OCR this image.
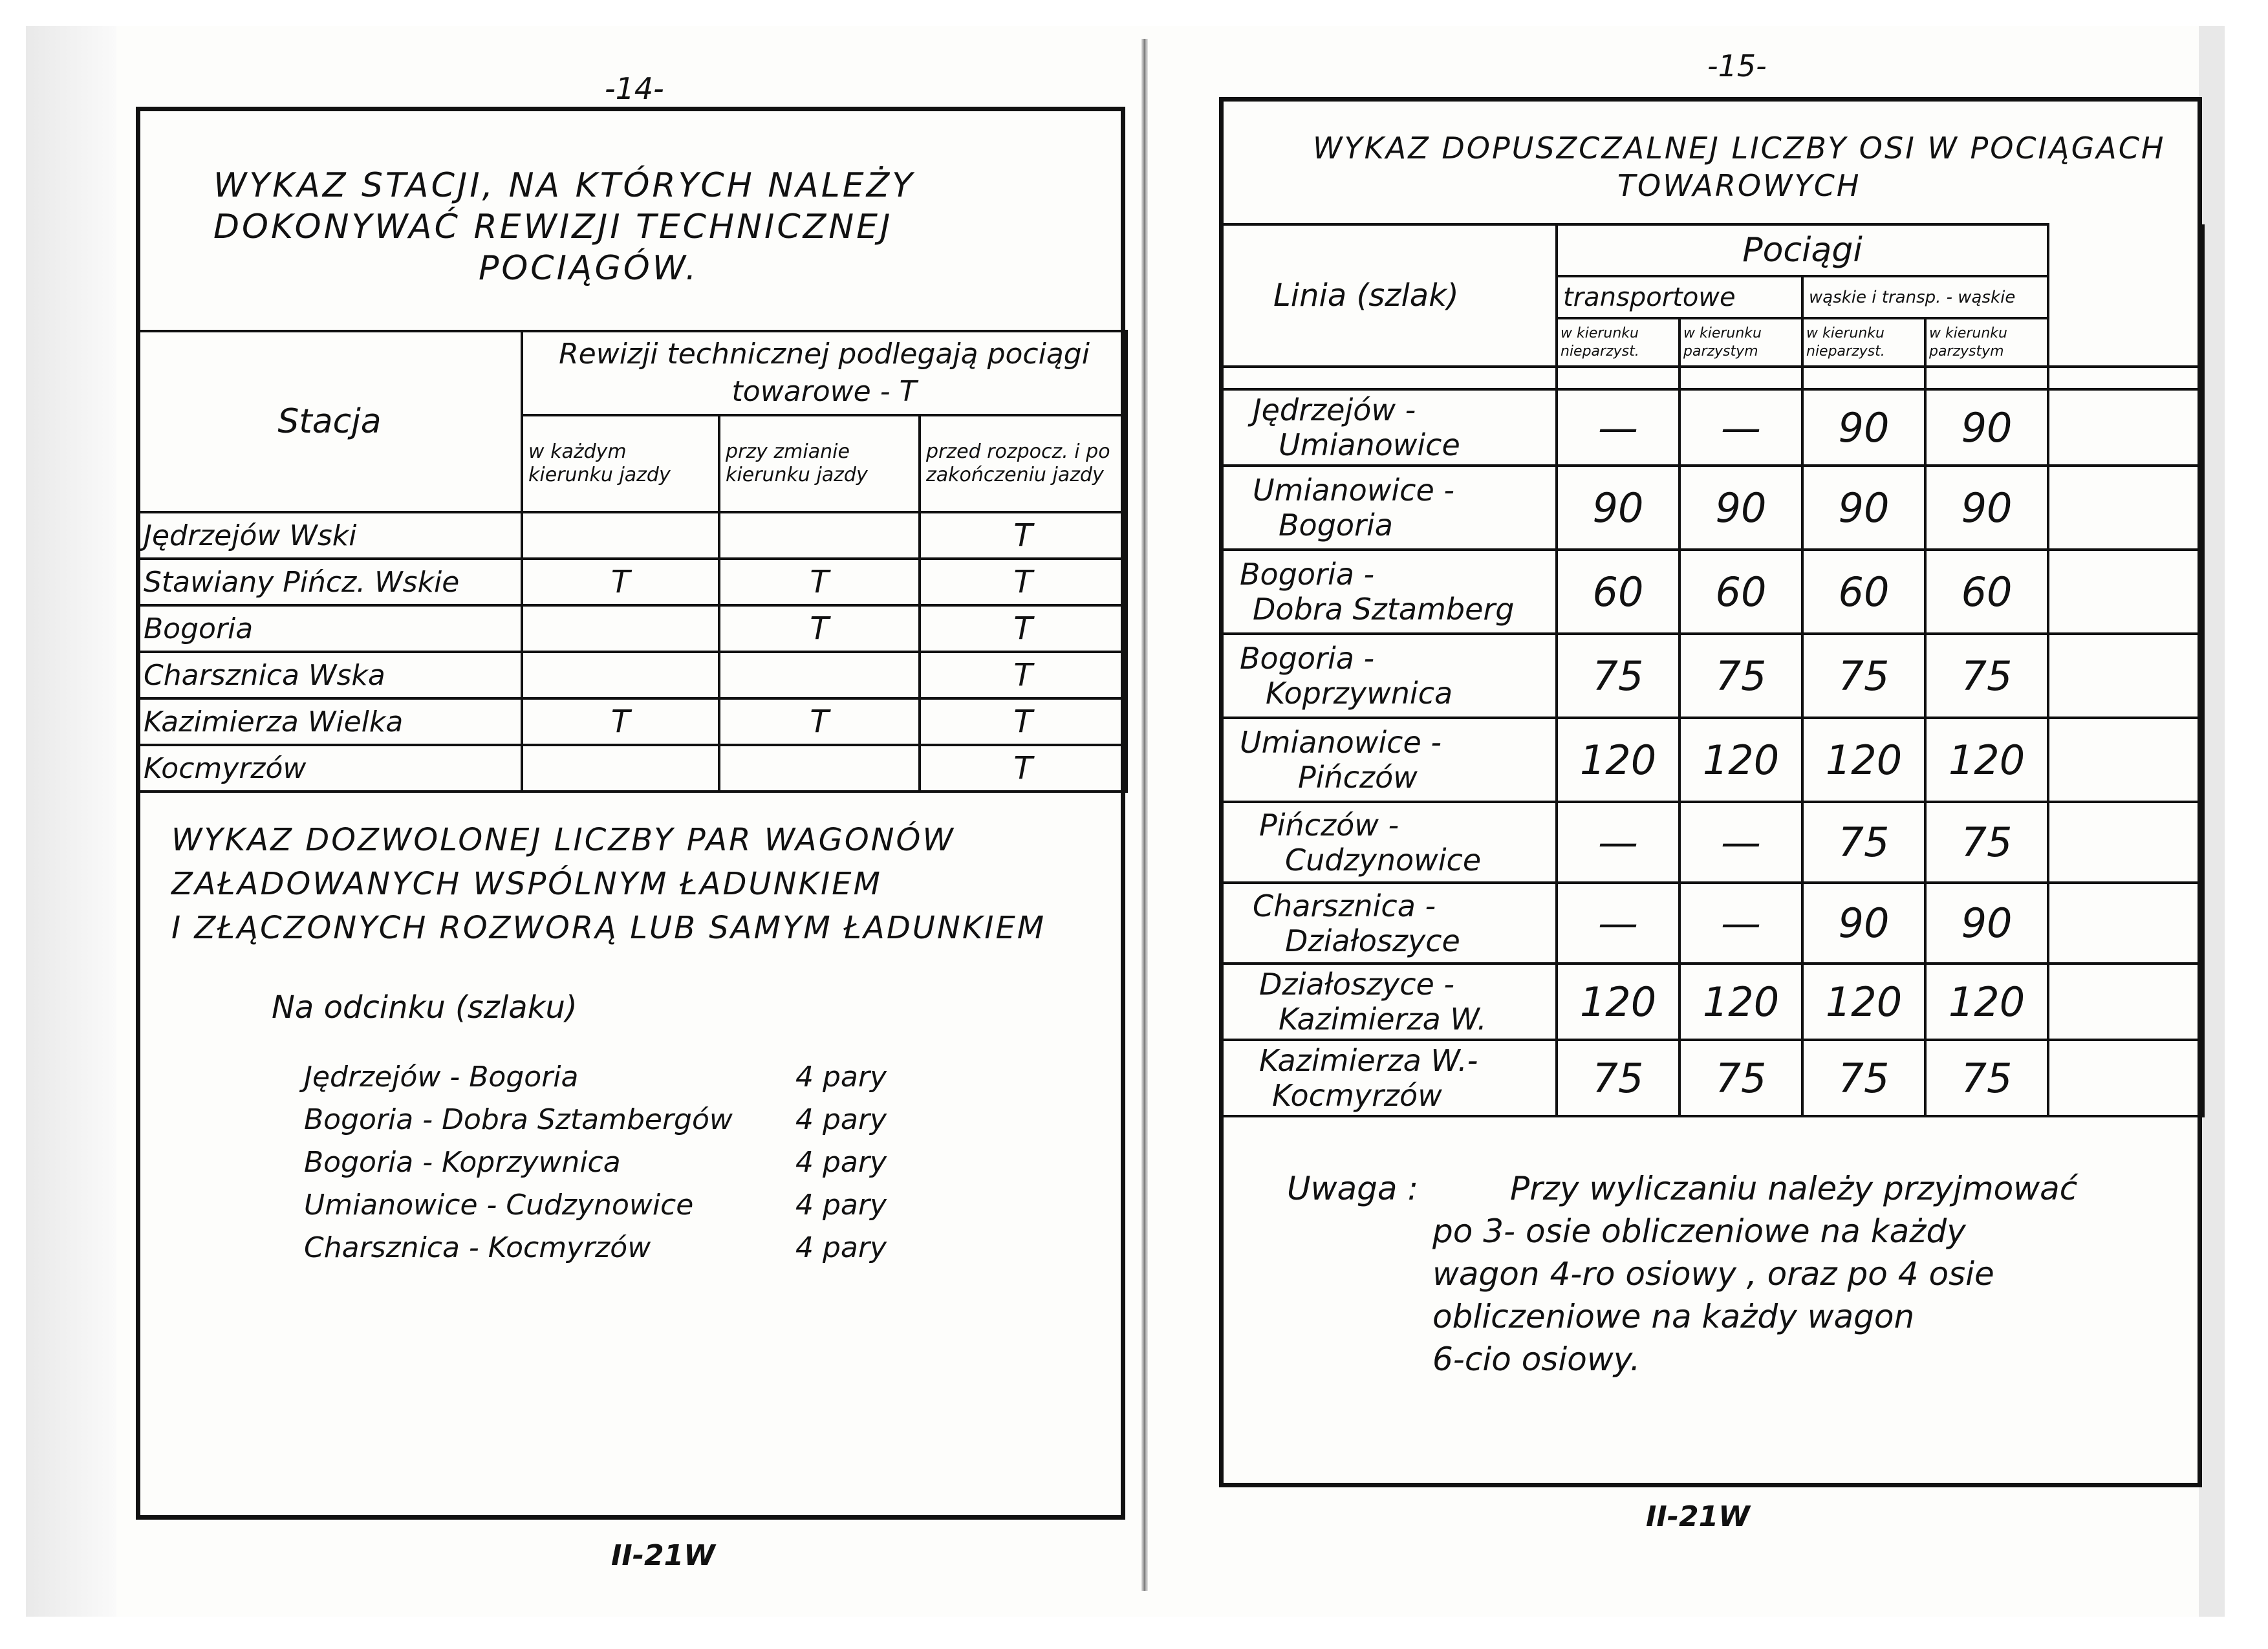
-14-
WYKAZ STACJI, NA KTÓRYCH NALEŻY
DOKONYWAĆ REWIZJI TECHNICZNEJ
POCIĄGÓW.
Stacja	Rewizji technicznej podlegają pociągi towarowe - T		
	w każdym kierunku jazdy	przy zmianie kierunku jazdy	przed rozpocz. i po zakończeniu jazdy
Jędrzejów Wski			T
Stawiany Pińcz. Wskie	T	T	T
Bogoria		T	T
Charsznica Wska			T
Kazimierza Wielka	T	T	T
Kocmyrzów			T
WYKAZ DOZWOLONEJ LICZBY PAR WAGONÓW
ZAŁADOWANYCH WSPÓLNYM ŁADUNKIEM
I ZŁĄCZONYCH ROZWORĄ LUB SAMYM ŁADUNKIEM
Na odcinku (szlaku)
Jędrzejów - Bogoria	4 pary
Bogoria - Dobra Sztambergów	4 pary
Bogoria - Koprzywnica	4 pary
Umianowice - Cudzynowice	4 pary
Charsznica - Kocmyrzów	4 pary
II-21W
-15-
WYKAZ DOPUSZCZALNEJ LICZBY OSI W POCIĄGACH
TOWAROWYCH
Linia (szlak)	Pociągi				
	transportowe		wąskie i transp. - wąskie		
	w kierunku nieparzyst.	w kierunku parzystym	w kierunku nieparzyst.	w kierunku parzystym	

Jędrzejów -
Umianowice	—	—	90	90	

Umianowice -
Bogoria	90	90	90	90	

Bogoria -
Dobra Sztamberg	60	60	60	60	

Bogoria -
Koprzywnica	75	75	75	75	

Umianowice -
Pińczów	120	120	120	120	

Pińczów -
Cudzynowice	—	—	75	75	

Charsznica -
Działoszyce	—	—	90	90	

Działoszyce -
Kazimierza W.	120	120	120	120	

Kazimierza W.-
Kocmyrzów	75	75	75	75	
Uwaga :	Przy wyliczaniu należy przyjmować
po 3- osie obliczeniowe na każdy
wagon 4-ro osiowy , oraz po 4 osie
obliczeniowe na każdy wagon
6-cio osiowy.
II-21W
